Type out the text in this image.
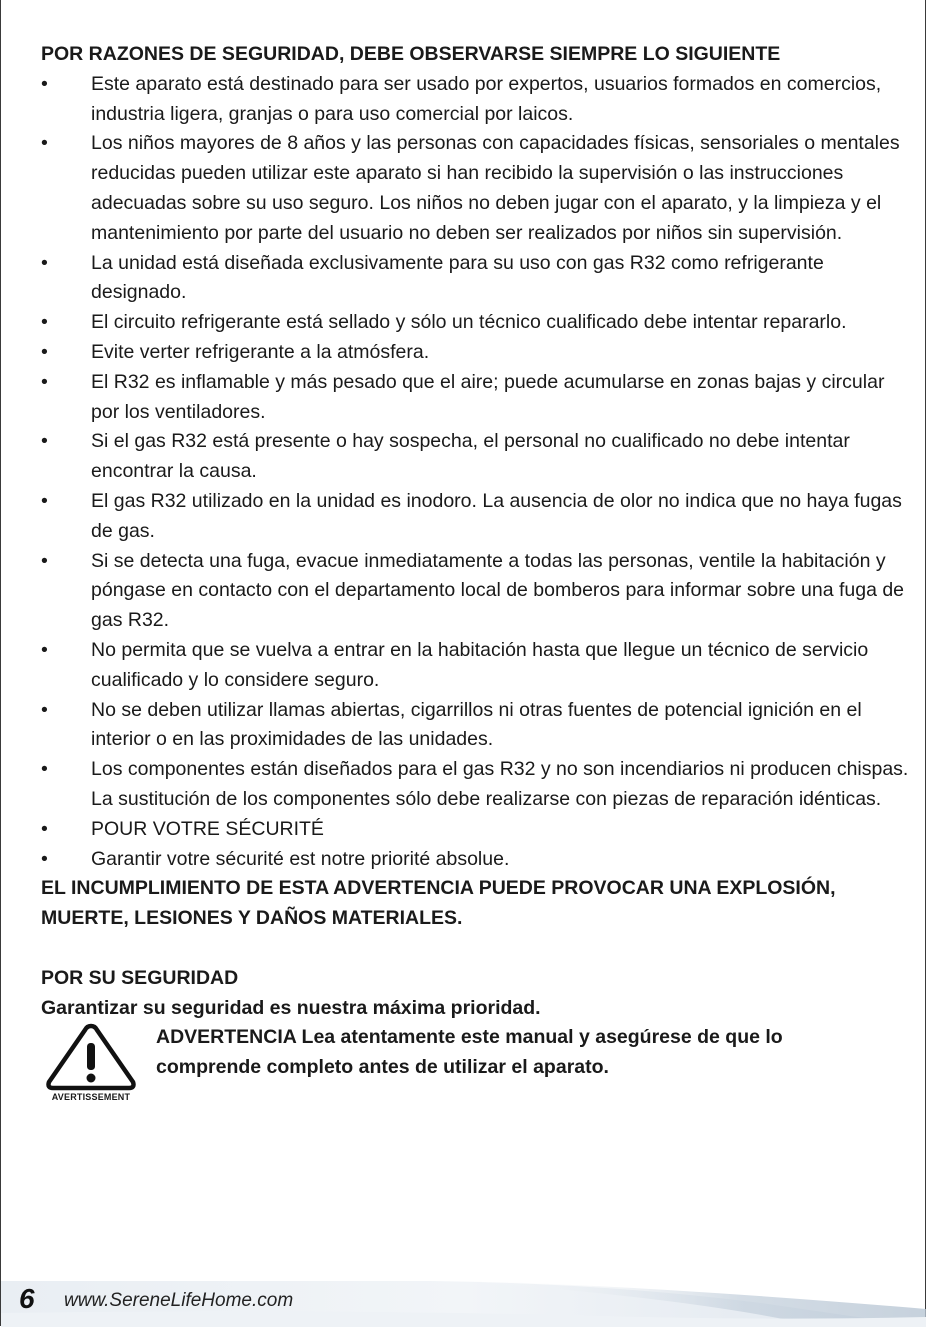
POR RAZONES DE SEGURIDAD, DEBE OBSERVARSE SIEMPRE LO SIGUIENTE

•	Este aparato está destinado para ser usado por expertos, usuarios formados en comercios, industria ligera, granjas o para uso comercial por laicos.
•	Los niños mayores de 8 años y las personas con capacidades físicas, sensoriales o mentales reducidas pueden utilizar este aparato si han recibido la supervisión o las instrucciones adecuadas sobre su uso seguro. Los niños no deben jugar con el aparato, y la limpieza y el mantenimiento por parte del usuario no deben ser realizados por niños sin supervisión.
•	La unidad está diseñada exclusivamente para su uso con gas R32 como refrigerante designado.
•	El circuito refrigerante está sellado y sólo un técnico cualificado debe intentar repararlo.
•	Evite verter refrigerante a la atmósfera.
•	El R32 es inflamable y más pesado que el aire; puede acumularse en zonas bajas y circular por los ventiladores.
•	Si el gas R32 está presente o hay sospecha, el personal no cualificado no debe intentar encontrar la causa.
•	El gas R32 utilizado en la unidad es inodoro. La ausencia de olor no indica que no haya fugas de gas.
•	Si se detecta una fuga, evacue inmediatamente a todas las personas, ventile la habitación y póngase en contacto con el departamento local de bomberos para informar sobre una fuga de gas R32.
•	No permita que se vuelva a entrar en la habitación hasta que llegue un técnico de servicio cualificado y lo considere seguro.
•	No se deben utilizar llamas abiertas, cigarrillos ni otras fuentes de potencial ignición en el interior o en las proximidades de las unidades.
•	Los componentes están diseñados para el gas R32 y no son incendiarios ni producen chispas. La sustitución de los componentes sólo debe realizarse con piezas de reparación idénticas.
•	POUR VOTRE SÉCURITÉ
•	Garantir votre sécurité est notre priorité absolue.

EL INCUMPLIMIENTO DE ESTA ADVERTENCIA PUEDE PROVOCAR UNA EXPLOSIÓN, MUERTE, LESIONES Y DAÑOS MATERIALES.

POR SU SEGURIDAD

Garantizar su seguridad es nuestra máxima prioridad.

AVERTISSEMENT
ADVERTENCIA Lea atentamente este manual y asegúrese de que lo comprende completo antes de utilizar el aparato.
6 www.SereneLifeHome.com
